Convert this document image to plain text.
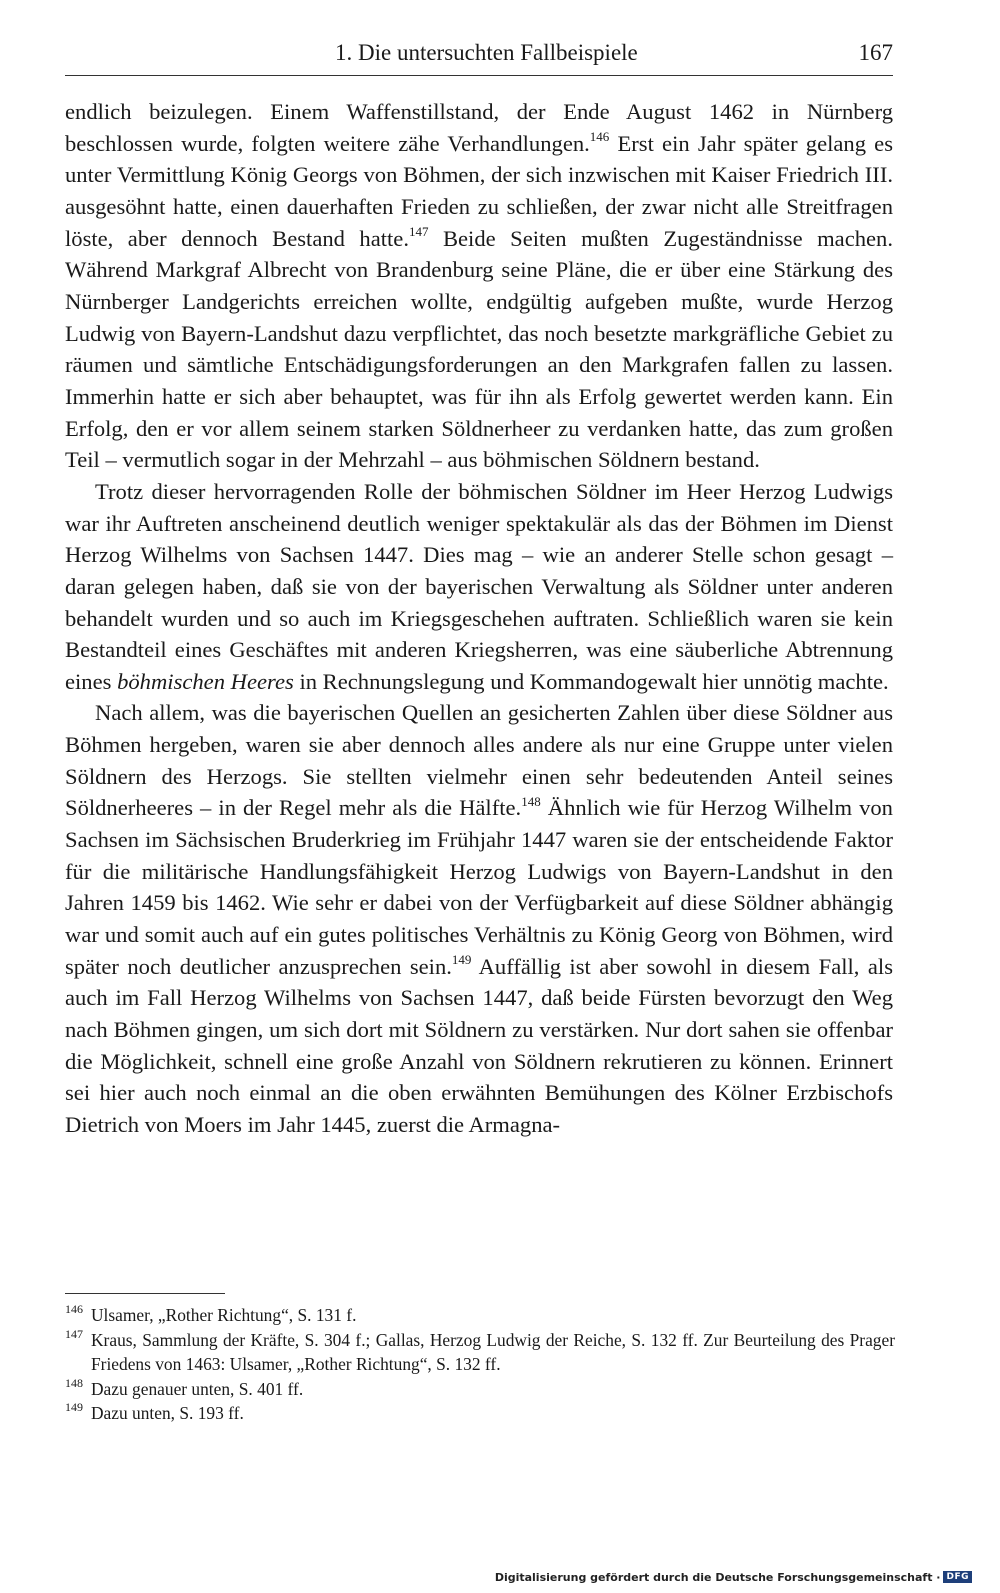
1. Die untersuchten Fallbeispiele	167

endlich beizulegen. Einem Waffenstillstand, der Ende August 1462 in Nürnberg beschlossen wurde, folgten weitere zähe Verhandlungen.$^{146}$ Erst ein Jahr später gelang es unter Vermittlung König Georgs von Böhmen, der sich inzwischen mit Kaiser Friedrich III. ausgesöhnt hatte, einen dauerhaften Frieden zu schließen, der zwar nicht alle Streitfragen löste, aber dennoch Bestand hatte.$^{147}$ Beide Seiten mußten Zugeständnisse machen. Während Markgraf Albrecht von Brandenburg seine Pläne, die er über eine Stärkung des Nürnberger Landgerichts erreichen wollte, endgültig aufgeben mußte, wurde Herzog Ludwig von Bayern-Landshut dazu verpflichtet, das noch besetzte markgräfliche Gebiet zu räumen und sämtliche Entschädigungsforderungen an den Markgrafen fallen zu lassen. Immerhin hatte er sich aber behauptet, was für ihn als Erfolg gewertet werden kann. Ein Erfolg, den er vor allem seinem starken Söldnerheer zu verdanken hatte, das zum großen Teil – vermutlich sogar in der Mehrzahl – aus böhmischen Söldnern bestand.

Trotz dieser hervorragenden Rolle der böhmischen Söldner im Heer Herzog Ludwigs war ihr Auftreten anscheinend deutlich weniger spektakulär als das der Böhmen im Dienst Herzog Wilhelms von Sachsen 1447. Dies mag – wie an anderer Stelle schon gesagt – daran gelegen haben, daß sie von der bayerischen Verwaltung als Söldner unter anderen behandelt wurden und so auch im Kriegsgeschehen auftraten. Schließlich waren sie kein Bestandteil eines Geschäftes mit anderen Kriegsherren, was eine säuberliche Abtrennung eines böhmischen Heeres in Rechnungslegung und Kommandogewalt hier unnötig machte.

Nach allem, was die bayerischen Quellen an gesicherten Zahlen über diese Söldner aus Böhmen hergeben, waren sie aber dennoch alles andere als nur eine Gruppe unter vielen Söldnern des Herzogs. Sie stellten vielmehr einen sehr bedeutenden Anteil seines Söldnerheeres – in der Regel mehr als die Hälfte.$^{148}$ Ähnlich wie für Herzog Wilhelm von Sachsen im Sächsischen Bruderkrieg im Frühjahr 1447 waren sie der entscheidende Faktor für die militärische Handlungsfähigkeit Herzog Ludwigs von Bayern-Landshut in den Jahren 1459 bis 1462. Wie sehr er dabei von der Verfügbarkeit auf diese Söldner abhängig war und somit auch auf ein gutes politisches Verhältnis zu König Georg von Böhmen, wird später noch deutlicher anzusprechen sein.$^{149}$ Auffällig ist aber sowohl in diesem Fall, als auch im Fall Herzog Wilhelms von Sachsen 1447, daß beide Fürsten bevorzugt den Weg nach Böhmen gingen, um sich dort mit Söldnern zu verstärken. Nur dort sahen sie offenbar die Möglichkeit, schnell eine große Anzahl von Söldnern rekrutieren zu können. Erinnert sei hier auch noch einmal an die oben erwähnten Bemühungen des Kölner Erzbischofs Dietrich von Moers im Jahr 1445, zuerst die Armagna-

146 Ulsamer, „Rother Richtung“, S. 131 f.
147 Kraus, Sammlung der Kräfte, S. 304 f.; Gallas, Herzog Ludwig der Reiche, S. 132 ff. Zur Beurteilung des Prager Friedens von 1463: Ulsamer, „Rother Richtung“, S. 132 ff.
148 Dazu genauer unten, S. 401 ff.
149 Dazu unten, S. 193 ff.
Digitalisierung gefördert durch die Deutsche Forschungsgemeinschaft · DFG
